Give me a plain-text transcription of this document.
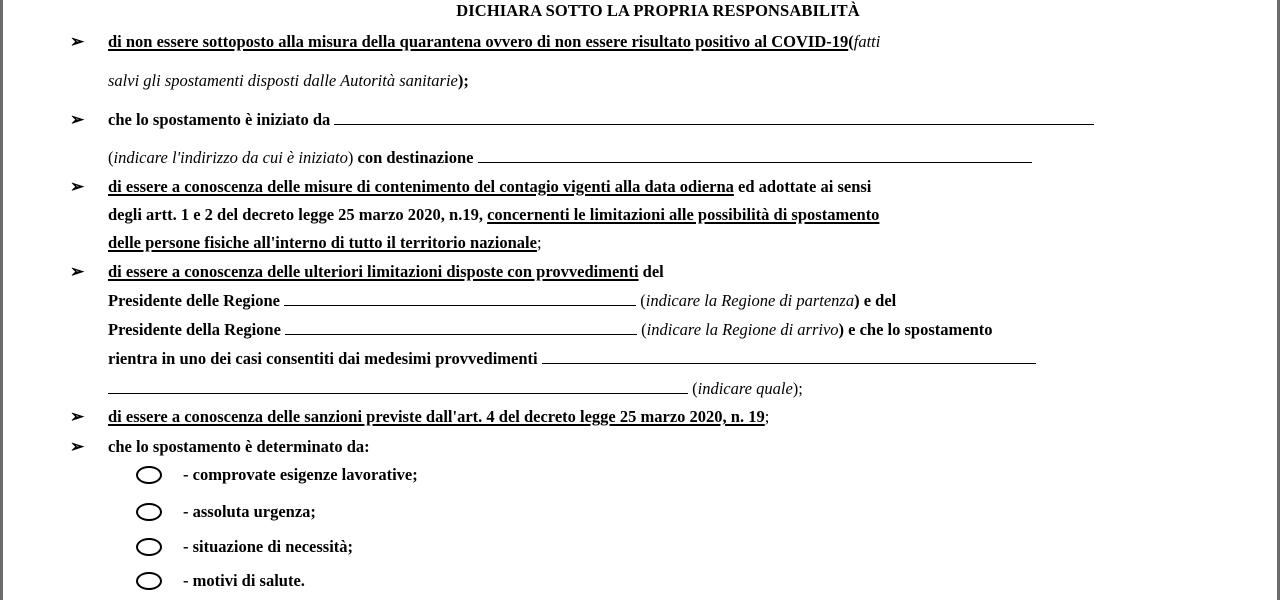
DICHIARA SOTTO LA PROPRIA RESPONSABILITÀ
➢ di non essere sottoposto alla misura della quarantena ovvero di non essere risultato positivo al COVID-19(fatti
salvi gli spostamenti disposti dalle Autorità sanitarie);
➢ che lo spostamento è iniziato da
(indicare l'indirizzo da cui è iniziato) con destinazione
➢ di essere a conoscenza delle misure di contenimento del contagio vigenti alla data odierna ed adottate ai sensi
degli artt. 1 e 2 del decreto legge 25 marzo 2020, n.19, concernenti le limitazioni alle possibilità di spostamento
delle persone fisiche all'interno di tutto il territorio nazionale;
➢ di essere a conoscenza delle ulteriori limitazioni disposte con provvedimenti del
Presidente delle Regione	(indicare la Regione di partenza) e del
Presidente della Regione	(indicare la Regione di arrivo) e che lo spostamento
rientra in uno dei casi consentiti dai medesimi provvedimenti
(indicare quale);
➢ di essere a conoscenza delle sanzioni previste dall'art. 4 del decreto legge 25 marzo 2020, n. 19;
➢ che lo spostamento è determinato da:
- comprovate esigenze lavorative;
- assoluta urgenza;
- situazione di necessità;
- motivi di salute.
